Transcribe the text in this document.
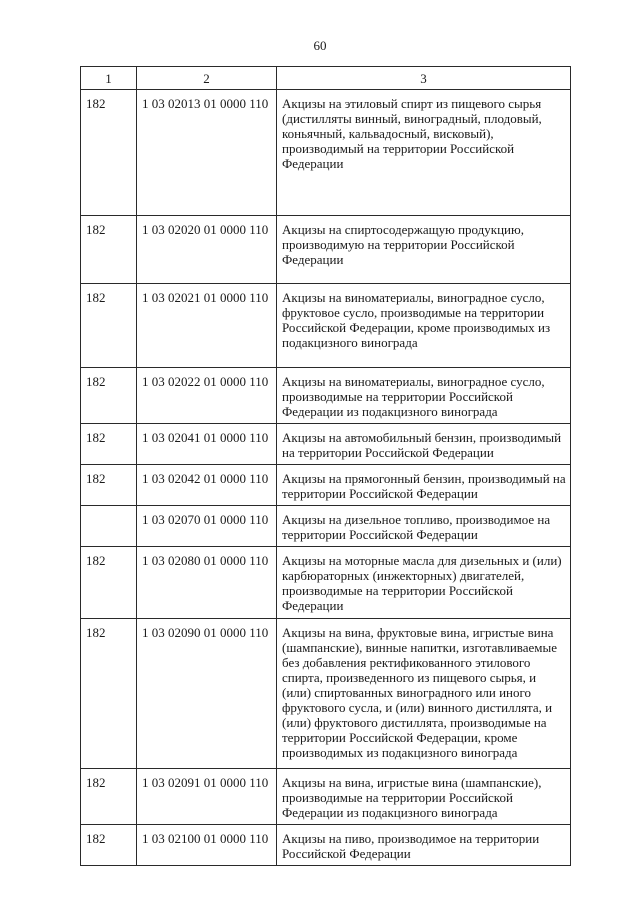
60
1	2	3
182	1 03 02013 01 0000 110	Акцизы на этиловый спирт из пищевого сырья (дистилляты винный, виноградный, плодовый, коньячный, кальвадосный, висковый), производимый на территории Российской Федерации
182	1 03 02020 01 0000 110	Акцизы на спиртосодержащую продукцию, производимую на территории Российской Федерации
182	1 03 02021 01 0000 110	Акцизы на виноматериалы, виноградное сусло, фруктовое сусло, производимые на территории Российской Федерации, кроме производимых из подакцизного винограда
182	1 03 02022 01 0000 110	Акцизы на виноматериалы, виноградное сусло, производимые на территории Российской Федерации из подакцизного винограда
182	1 03 02041 01 0000 110	Акцизы на автомобильный бензин, производимый на территории Российской Федерации
182	1 03 02042 01 0000 110	Акцизы на прямогонный бензин, производимый на территории Российской Федерации
	1 03 02070 01 0000 110	Акцизы на дизельное топливо, производимое на территории Российской Федерации
182	1 03 02080 01 0000 110	Акцизы на моторные масла для дизельных и (или) карбюраторных (инжекторных) двигателей, производимые на территории Российской Федерации
182	1 03 02090 01 0000 110	Акцизы на вина, фруктовые вина, игристые вина (шампанские), винные напитки, изготавливаемые без добавления ректификованного этилового спирта, произведенного из пищевого сырья, и (или) спиртованных виноградного или иного фруктового сусла, и (или) винного дистиллята, и (или) фруктового дистиллята, производимые на территории Российской Федерации, кроме производимых из подакцизного винограда
182	1 03 02091 01 0000 110	Акцизы на вина, игристые вина (шампанские), производимые на территории Российской Федерации из подакцизного винограда
182	1 03 02100 01 0000 110	Акцизы на пиво, производимое на территории Российской Федерации
